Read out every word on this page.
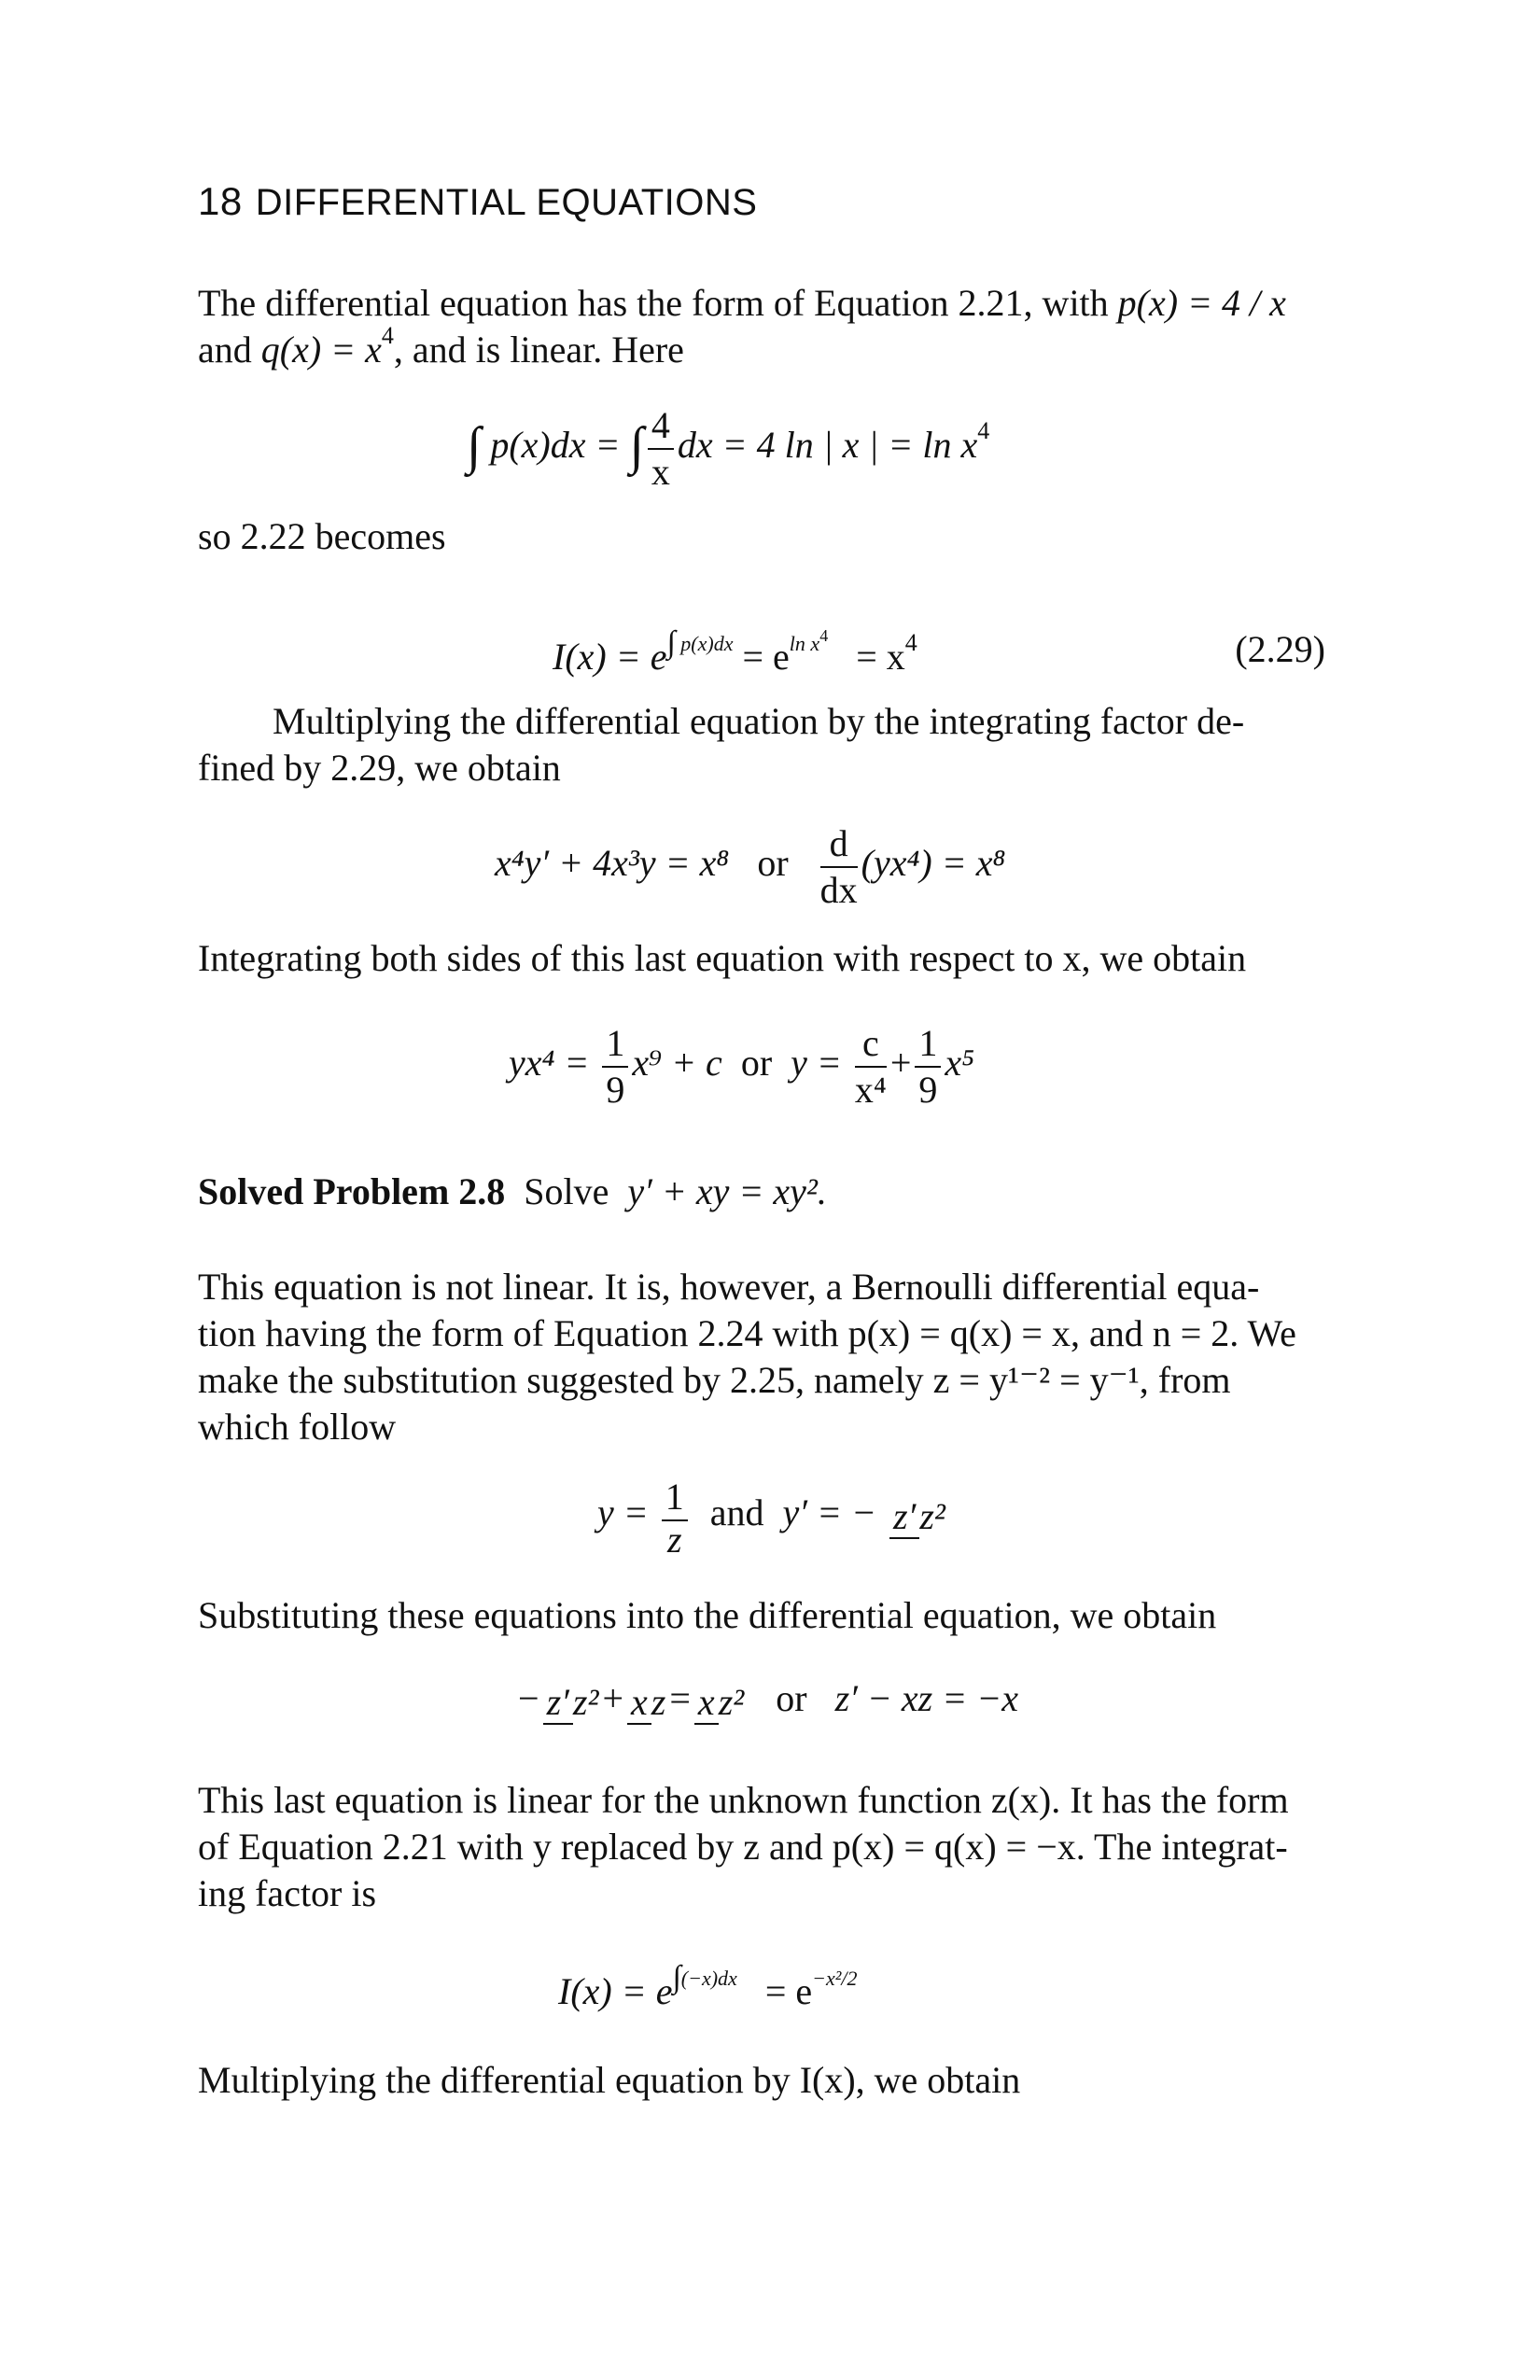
18 DIFFERENTIAL EQUATIONS
The differential equation has the form of Equation 2.21, with p(x) = 4 / x
and $q(x) = x^4$, and is linear. Here
∫ p(x)dx = ∫ $\frac{4}{x}$ dx = 4 ln | x | = $\ln x^4$
so 2.22 becomes
$I(x) = e^{\int p(x)dx} = e^{ln x^4} = x^4$	(2.29)
Multiplying the differential equation by the integrating factor de-
fined by 2.29, we obtain
x⁴y′ + 4x³y = x⁸ or $\frac{d}{dx} (yx^4) = x^8$
Integrating both sides of this last equation with respect to x, we obtain
$yx^4 = \frac{1}{9} x^9 + c$ or $y = \frac{c}{\text{x⁴}} + \frac{1}{9} x^5$
Solved Problem 2.8 Solve y′ + xy = xy².
This equation is not linear. It is, however, a Bernoulli differential equa-
tion having the form of Equation 2.24 with p(x) = q(x) = x, and n = 2. We
make the substitution suggested by 2.25, namely z = y¹⁻² = y⁻¹, from
which follow
$y = \frac{1}{z}$ and y′ = − z′ z²
Substituting these equations into the differential equation, we obtain
− z′ z² + x z = x z² or z′ − xz = −x
This last equation is linear for the unknown function z(x). It has the form
of Equation 2.21 with y replaced by z and p(x) = q(x) = −x. The integrat-
ing factor is
$I(x) = e^{\int(-x)dx} = e^{-x^2/2}$
Multiplying the differential equation by I(x), we obtain
